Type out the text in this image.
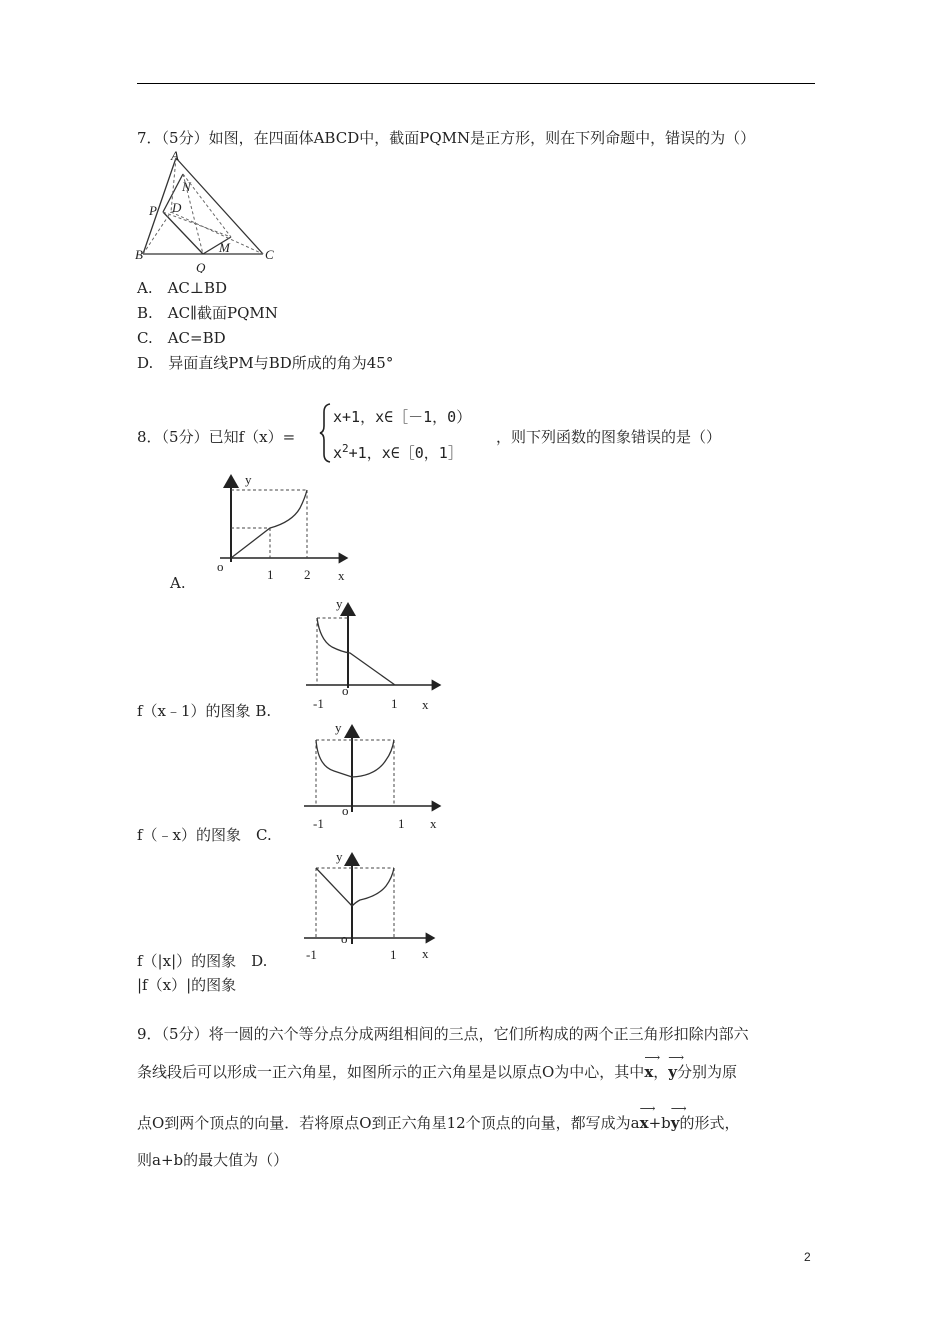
7．（5分）如图，在四面体ABCD中，截面PQMN是正方形，则在下列命题中，错误的为（）
A
N
P D
B
Q
M	C
A.　AC⊥BD
B.　AC∥截面PQMN
C.　AC=BD
D.　异面直线PM与BD所成的角为45°
8．（5分）已知f（x）=
x+1，x∈［－1，0）
$x^2+1$，x∈［0，1］
，则下列函数的图象错误的是（）
y
o
1 2 x
A.
y
o
-1	1 x
f（x﹣1）的图象 B.
y
o
-1	1 x
f（﹣x）的图象　C.
y
o
-1	1 x
f（|x|）的图象　D.
|f（x）|的图象
9．（5分）将一圆的六个等分点分成两组相间的三点，它们所构成的两个正三角形扣除内部六
条线段后可以形成一正六角星，如图所示的正六角星是以原点O为中心，其中
⟶
x，
⟶
y分别为原
点O到两个顶点的向量．若将原点O到正六角星12个顶点的向量，都写成为a
⟶
x+b
⟶
y的形式，
则a+b的最大值为（）
2
